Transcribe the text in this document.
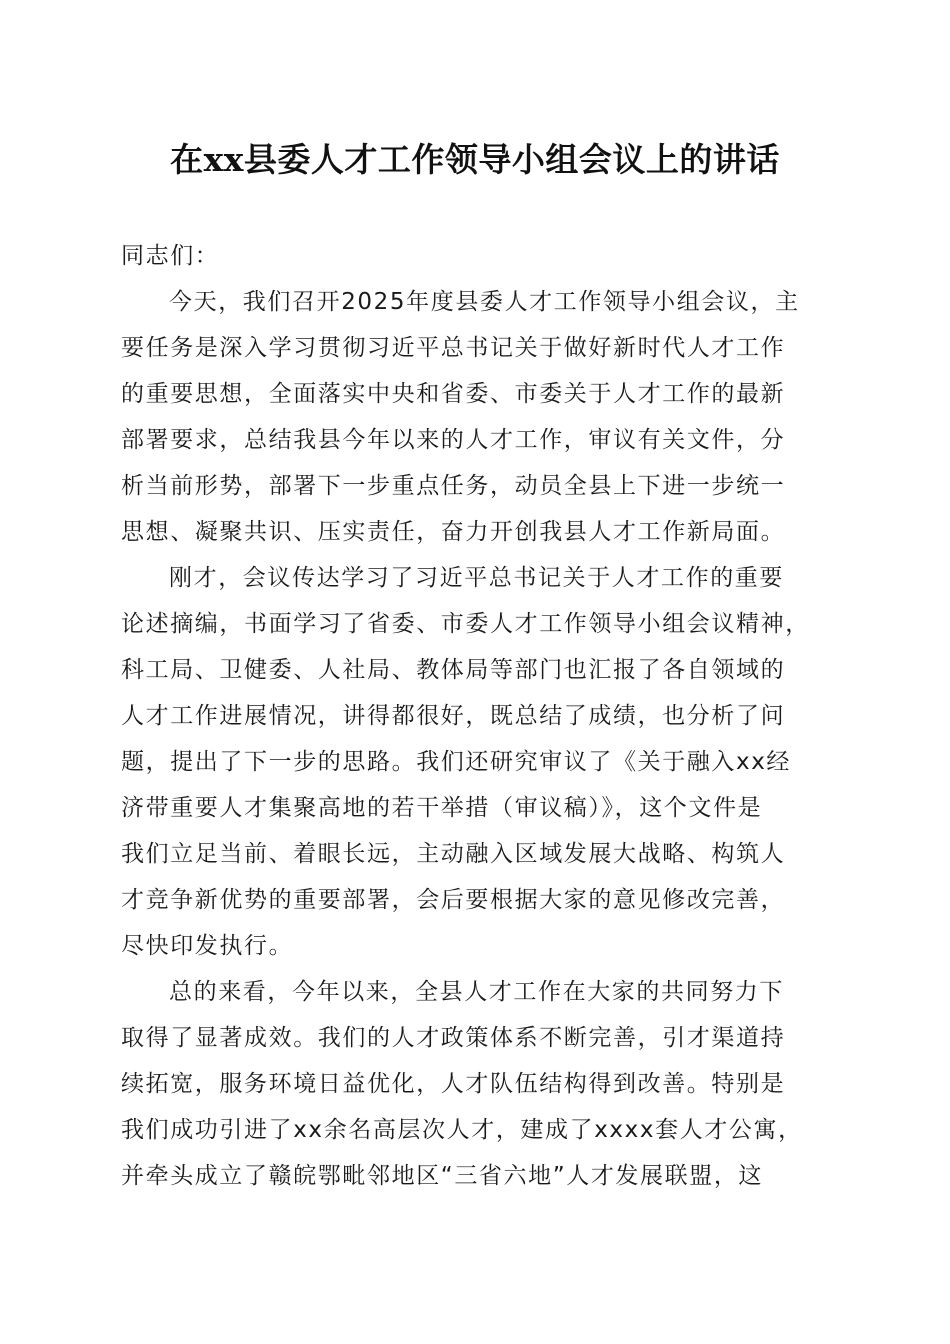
在xx县委人才工作领导小组会议上的讲话

同志们：

今天，我们召开2025年度县委人才工作领导小组会议，主
要任务是深入学习贯彻习近平总书记关于做好新时代人才工作
的重要思想，全面落实中央和省委、市委关于人才工作的最新
部署要求，总结我县今年以来的人才工作，审议有关文件，分
析当前形势，部署下一步重点任务，动员全县上下进一步统一
思想、凝聚共识、压实责任，奋力开创我县人才工作新局面。
刚才，会议传达学习了习近平总书记关于人才工作的重要
论述摘编，书面学习了省委、市委人才工作领导小组会议精神，
科工局、卫健委、人社局、教体局等部门也汇报了各自领域的
人才工作进展情况，讲得都很好，既总结了成绩，也分析了问
题，提出了下一步的思路。我们还研究审议了《关于融入xx经
济带重要人才集聚高地的若干举措（审议稿）》，这个文件是
我们立足当前、着眼长远，主动融入区域发展大战略、构筑人
才竞争新优势的重要部署，会后要根据大家的意见修改完善，
尽快印发执行。
总的来看，今年以来，全县人才工作在大家的共同努力下
取得了显著成效。我们的人才政策体系不断完善，引才渠道持
续拓宽，服务环境日益优化，人才队伍结构得到改善。特别是
我们成功引进了xx余名高层次人才，建成了xxxx套人才公寓，
并牵头成立了赣皖鄂毗邻地区“三省六地”人才发展联盟，这
